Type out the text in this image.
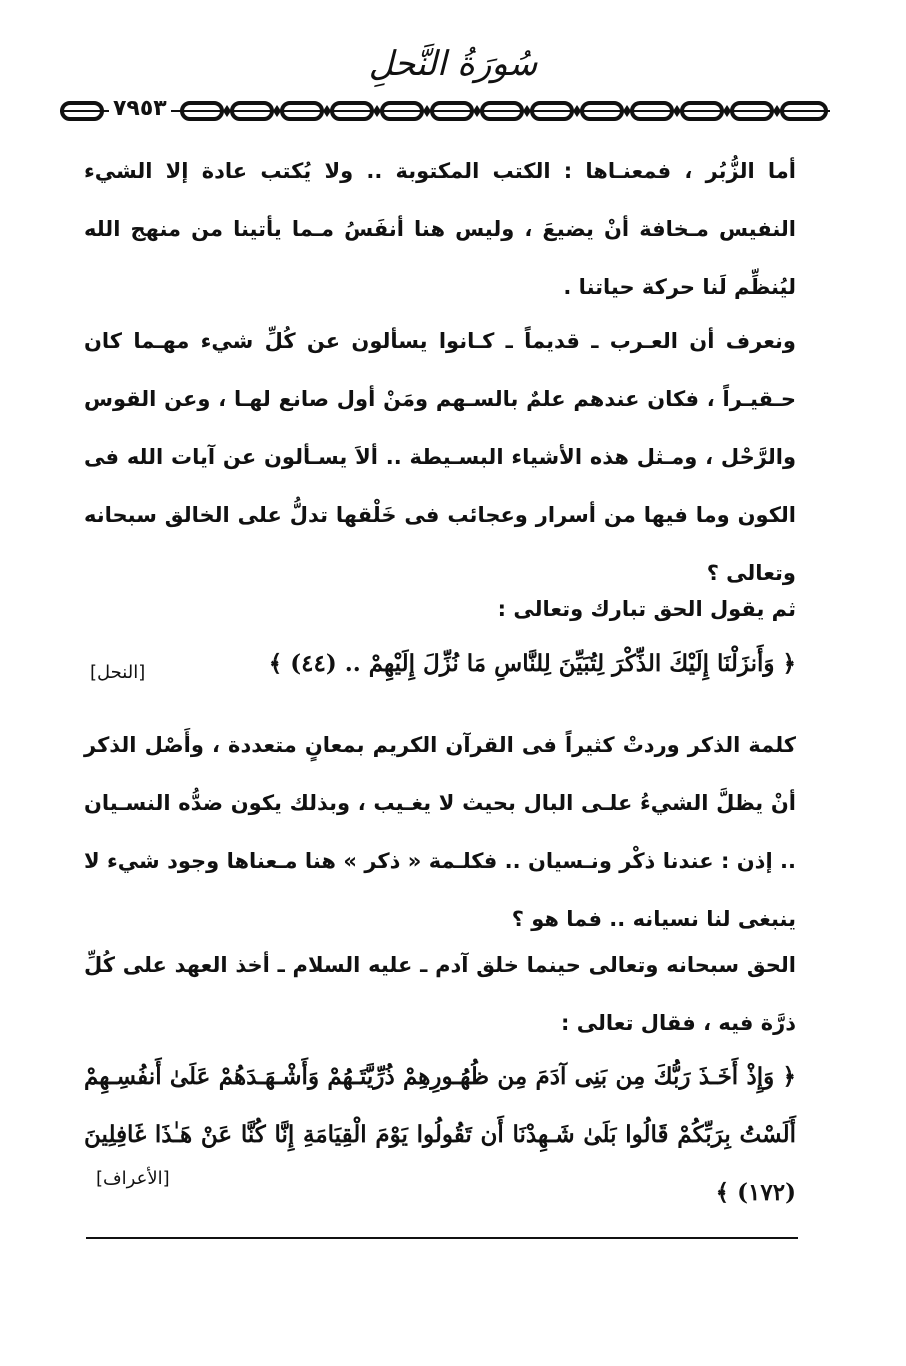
سُورَةُ النَّحلِ
٧٩٥٣
أما الزُّبُر ، فمعنـاها : الكتب المكتوبة .. ولا يُكتب عادة إلا الشيء النفيس مـخافة أنْ يضيعَ ، وليس هنا أنفَسُ مـما يأتينا من منهج الله ليُنظِّم لَنا حركة حياتنا .
ونعرف أن العـرب ـ قديماً ـ كـانوا يسألون عن كُلِّ شيء مهـما كان حـقيـراً ، فكان عندهم علمٌ بالسـهم ومَنْ أول صانع لهـا ، وعن القوس والرَّحْل ، ومـثل هذه الأشياء البسـيطة .. ألاَ يسـألون عن آيات الله فى الكون وما فيها من أسرار وعجائب فى خَلْقها تدلُّ على الخالق سبحانه وتعالى ؟
ثم يقول الحق تبارك وتعالى :
﴿ وَأَنزَلْنَا إِلَيْكَ الذِّكْرَ لِتُبَيِّنَ لِلنَّاسِ مَا نُزِّلَ إِلَيْهِمْ .. (٤٤) ﴾
[النحل]
كلمة الذكر وردتْ كثيراً فى القرآن الكريم بمعانٍ متعددة ، وأَصْل الذكر أنْ يظلَّ الشيءُ علـى البال بحيث لا يغـيب ، وبذلك يكون ضدُّه النسـيان .. إذن : عندنا ذكْر ونـسيان .. فكلـمة « ذكر » هنا مـعناها وجود شيء لا ينبغى لنا نسيانه .. فما هو ؟
الحق سبحانه وتعالى حينما خلق آدم ـ عليه السلام ـ أخذ العهد على كُلِّ ذرَّة فيه ، فقال تعالى :
﴿ وَإِذْ أَخَـذَ رَبُّكَ مِن بَنِى آدَمَ مِن ظُهُـورِهِمْ ذُرِّيَّتَـهُمْ وَأَشْـهَـدَهُمْ عَلَىٰ أَنفُسِـهِمْ أَلَسْتُ بِرَبِّكُمْ قَالُوا بَلَىٰ شَـهِدْنَا أَن تَقُولُوا يَوْمَ الْقِيَامَةِ إِنَّا كُنَّا عَنْ هَـٰذَا غَافِلِينَ (١٧٢) ﴾
[الأعراف]
